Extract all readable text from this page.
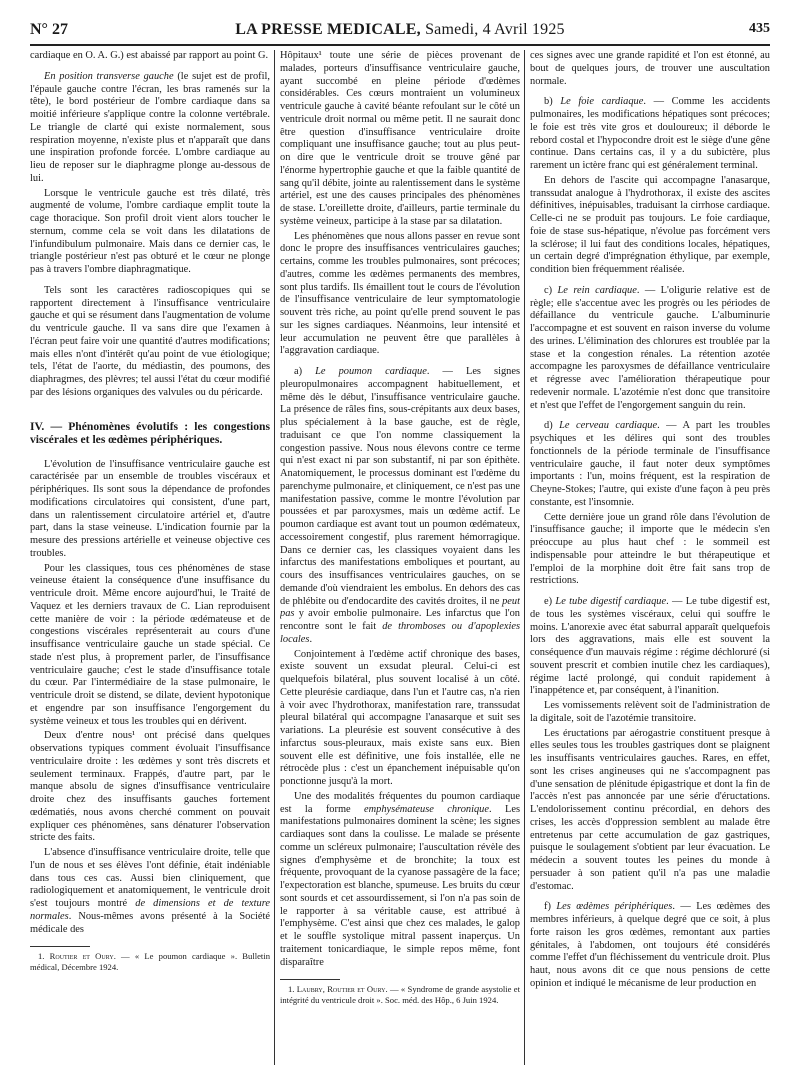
N° 27	LA PRESSE MEDICALE, Samedi, 4 Avril 1925	435

cardiaque en O. A. G.) est abaissé par rapport au point G.

En position transverse gauche (le sujet est de profil, l'épaule gauche contre l'écran, les bras ramenés sur la tête), le bord postérieur de l'ombre cardiaque dans sa moitié inférieure s'applique contre la colonne vertébrale. Le triangle de clarté qui existe normalement, sous respiration moyenne, n'existe plus et n'apparaît que dans une inspiration profonde forcée. L'ombre cardiaque au lieu de reposer sur le diaphragme plonge au-dessous de lui.

Lorsque le ventricule gauche est très dilaté, très augmenté de volume, l'ombre cardiaque emplit toute la cage thoracique. Son profil droit vient alors toucher le sternum, comme cela se voit dans les dilatations de l'infundibulum pulmonaire. Mais dans ce dernier cas, le triangle postérieur n'est pas obturé et le cœur ne plonge pas à travers l'ombre diaphragmatique.

Tels sont les caractères radioscopiques qui se rapportent directement à l'insuffisance ventriculaire gauche et qui se résument dans l'augmentation de volume du ventricule gauche. Il va sans dire que l'examen à l'écran peut faire voir une quantité d'autres modifications; mais elles n'ont d'intérêt qu'au point de vue étiologique; tels, l'état de l'aorte, du médiastin, des poumons, des diaphragmes, des plèvres; tel aussi l'état du cœur modifié par des lésions organiques des valvules ou du péricarde.

IV. — Phénomènes évolutifs : les congestions viscérales et les œdèmes périphériques.

L'évolution de l'insuffisance ventriculaire gauche est caractérisée par un ensemble de troubles viscéraux et périphériques. Ils sont sous la dépendance de profondes modifications circulatoires qui consistent, d'une part, dans un ralentissement circulatoire artériel et, d'autre part, dans la stase veineuse. L'indication fournie par la mesure des pressions artérielle et veineuse objective ces troubles.

Pour les classiques, tous ces phénomènes de stase veineuse étaient la conséquence d'une insuffisance du ventricule droit. Même encore aujourd'hui, le Traité de Vaquez et les derniers travaux de C. Lian reproduisent cette manière de voir : la période œdémateuse et de congestions viscérales représenterait au cours d'une insuffisance ventriculaire gauche un stade spécial. Ce stade n'est plus, à proprement parler, de l'insuffisance ventriculaire gauche; c'est le stade d'insuffisance totale du cœur. Par l'intermédiaire de la stase pulmonaire, le ventricule droit se distend, se dilate, devient hypotonique et engendre par son insuffisance l'engorgement du système veineux et tous les troubles qui en dérivent.

Deux d'entre nous¹ ont précisé dans quelques observations typiques comment évoluait l'insuffisance ventriculaire droite : les œdèmes y sont très discrets et seulement terminaux. Frappés, d'autre part, par le manque absolu de signes d'insuffisance ventriculaire droite chez des insuffisants gauches fortement œdématiés, nous avons cherché comment on pouvait expliquer ces phénomènes, sans dénaturer l'observation stricte des faits.

L'absence d'insuffisance ventriculaire droite, telle que l'un de nous et ses élèves l'ont définie, était indéniable dans tous ces cas. Aussi bien cliniquement, que radiologiquement et anatomiquement, le ventricule droit s'est toujours montré de dimensions et de texture normales. Nous-mêmes avons présenté à la Société médicale des

1. Routier et Oury. — « Le poumon cardiaque ». Bulletin médical, Décembre 1924.

Hôpitaux¹ toute une série de pièces provenant de malades, porteurs d'insuffisance ventriculaire gauche, ayant succombé en pleine période d'œdèmes considérables. Ces cœurs montraient un volumineux ventricule gauche à cavité béante refoulant sur le côté un ventricule droit normal ou même petit. Il ne saurait donc être question d'insuffisance ventriculaire droite compliquant une insuffisance gauche; tout au plus peut-on dire que le ventricule droit se trouve gêné par l'énorme hypertrophie gauche et que la faible quantité de sang qu'il débite, jointe au ralentissement dans le système artériel, est une des causes principales des phénomènes de stase. L'oreillette droite, d'ailleurs, partie terminale du système veineux, participe à la stase par sa dilatation.

Les phénomènes que nous allons passer en revue sont donc le propre des insuffisances ventriculaires gauches; certains, comme les troubles pulmonaires, sont précoces; d'autres, comme les œdèmes permanents des membres, sont plus tardifs. Ils émaillent tout le cours de l'évolution de l'insuffisance ventriculaire de leur symptomatologie souvent très riche, au point qu'elle prend souvent le pas sur les signes cardiaques. Néanmoins, leur intensité et leur accumulation ne peuvent être que parallèles à l'aggravation cardiaque.

a) Le poumon cardiaque. — Les signes pleuropulmonaires accompagnent habituellement, et même dès le début, l'insuffisance ventriculaire gauche. La présence de râles fins, sous-crépitants aux deux bases, plus spécialement à la base gauche, est de règle, traduisant ce que l'on nomme classiquement la congestion passive. Nous nous élevons contre ce terme qui n'est exact ni par son substantif, ni par son épithète. Anatomiquement, le processus dominant est l'œdème du parenchyme pulmonaire, et cliniquement, ce n'est pas une manifestation passive, comme le montre l'évolution par poussées et par paroxysmes, mais un œdème actif. Le poumon cardiaque est avant tout un poumon œdémateux, accessoirement congestif, plus rarement hémorragique. Dans ce dernier cas, les classiques voyaient dans les infarctus des manifestations emboliques et pourtant, au cours des insuffisances ventriculaires gauches, on se demande d'où viendraient les embolus. En dehors des cas de phlébite ou d'endocardite des cavités droites, il ne peut pas y avoir embolie pulmonaire. Les infarctus que l'on rencontre sont le fait de thromboses ou d'apoplexies locales.

Conjointement à l'œdème actif chronique des bases, existe souvent un exsudat pleural. Celui-ci est quelquefois bilatéral, plus souvent localisé à un côté. Cette pleurésie cardiaque, dans l'un et l'autre cas, n'a rien à voir avec l'hydrothorax, manifestation rare, transsudat pleural bilatéral qui accompagne l'anasarque et suit ses variations. La pleurésie est souvent consécutive à des infarctus sous-pleuraux, mais existe sans eux. Bien souvent elle est définitive, une fois installée, elle ne rétrocède plus : c'est un épanchement inépuisable qu'on ponctionne jusqu'à la mort.

Une des modalités fréquentes du poumon cardiaque est la forme emphysémateuse chronique. Les manifestations pulmonaires dominent la scène; les signes cardiaques sont dans la coulisse. Le malade se présente comme un scléreux pulmonaire; l'auscultation révèle des signes d'emphysème et de bronchite; la toux est fréquente, provoquant de la cyanose passagère de la face; l'expectoration est blanche, spumeuse. Les bruits du cœur sont sourds et cet assourdissement, si l'on n'a pas soin de le rapporter à sa véritable cause, est attribué à l'emphysème. C'est ainsi que chez ces malades, le galop et le souffle systolique mitral passent inaperçus. Un traitement tonicardiaque, le simple repos même, font disparaître

1. Laubry, Routier et Oury. — « Syndrome de grande asystolie et intégrité du ventricule droit ». Soc. méd. des Hôp., 6 Juin 1924.

ces signes avec une grande rapidité et l'on est étonné, au bout de quelques jours, de trouver une auscultation normale.

b) Le foie cardiaque. — Comme les accidents pulmonaires, les modifications hépatiques sont précoces; le foie est très vite gros et douloureux; il déborde le rebord costal et l'hypocondre droit est le siège d'une gêne continue. Dans certains cas, il y a du subictère, plus rarement un ictère franc qui est généralement terminal.

En dehors de l'ascite qui accompagne l'anasarque, transsudat analogue à l'hydrothorax, il existe des ascites définitives, inépuisables, traduisant la cirrhose cardiaque. Celle-ci ne se produit pas toujours. Le foie cardiaque, foie de stase sus-hépatique, n'évolue pas forcément vers la sclérose; il lui faut des conditions locales, hépatiques, un certain degré d'imprégnation éthylique, par exemple, condition bien fréquemment réalisée.

c) Le rein cardiaque. — L'oligurie relative est de règle; elle s'accentue avec les progrès ou les périodes de défaillance du ventricule gauche. L'albuminurie l'accompagne et est souvent en raison inverse du volume des urines. L'élimination des chlorures est troublée par la stase et la congestion rénales. La rétention azotée accompagne les paroxysmes de défaillance ventriculaire et régresse avec l'amélioration thérapeutique pour redevenir normale. L'azotémie n'est donc que transitoire et n'est que l'effet de l'engorgement sanguin du rein.

d) Le cerveau cardiaque. — A part les troubles psychiques et les délires qui sont des troubles fonctionnels de la période terminale de l'insuffisance ventriculaire gauche, il faut noter deux symptômes importants : l'un, moins fréquent, est la respiration de Cheyne-Stokes; l'autre, qui existe d'une façon à peu près constante, est l'insomnie.

Cette dernière joue un grand rôle dans l'évolution de l'insuffisance gauche; il importe que le médecin s'en préoccupe au plus haut chef : le sommeil est indispensable pour atteindre le but thérapeutique et l'emploi de la morphine doit être fait sans trop de restrictions.

e) Le tube digestif cardiaque. — Le tube digestif est, de tous les systèmes viscéraux, celui qui souffre le moins. L'anorexie avec état saburral apparaît quelquefois lors des aggravations, mais elle est souvent la conséquence d'un mauvais régime : régime déchloruré (si souvent prescrit et combien inutile chez les cardiaques), régime lacté prolongé, qui conduit rapidement à l'inappétence et, par conséquent, à l'inanition.

Les vomissements relèvent soit de l'administration de la digitale, soit de l'azotémie transitoire.

Les éructations par aérogastrie constituent presque à elles seules tous les troubles gastriques dont se plaignent les insuffisants ventriculaires gauches. Rares, en effet, sont les crises angineuses qui ne s'accompagnent pas d'une sensation de plénitude épigastrique et dont la fin de l'accès n'est pas annoncée par une série d'éructations. L'endolorissement continu précordial, en dehors des crises, les accès d'oppression semblent au malade être entretenus par cette accumulation de gaz gastriques, puisque le soulagement s'obtient par leur évacuation. Le médecin a souvent toutes les peines du monde à persuader à son patient qu'il n'a pas une maladie d'estomac.

f) Les œdèmes périphériques. — Les œdèmes des membres inférieurs, à quelque degré que ce soit, à plus forte raison les gros œdèmes, remontant aux parties génitales, à l'abdomen, ont toujours été considérés comme l'effet d'un fléchissement du ventricule droit. Plus haut, nous avons dit ce que nous pensions de cette opinion et indiqué le mécanisme de leur production en
